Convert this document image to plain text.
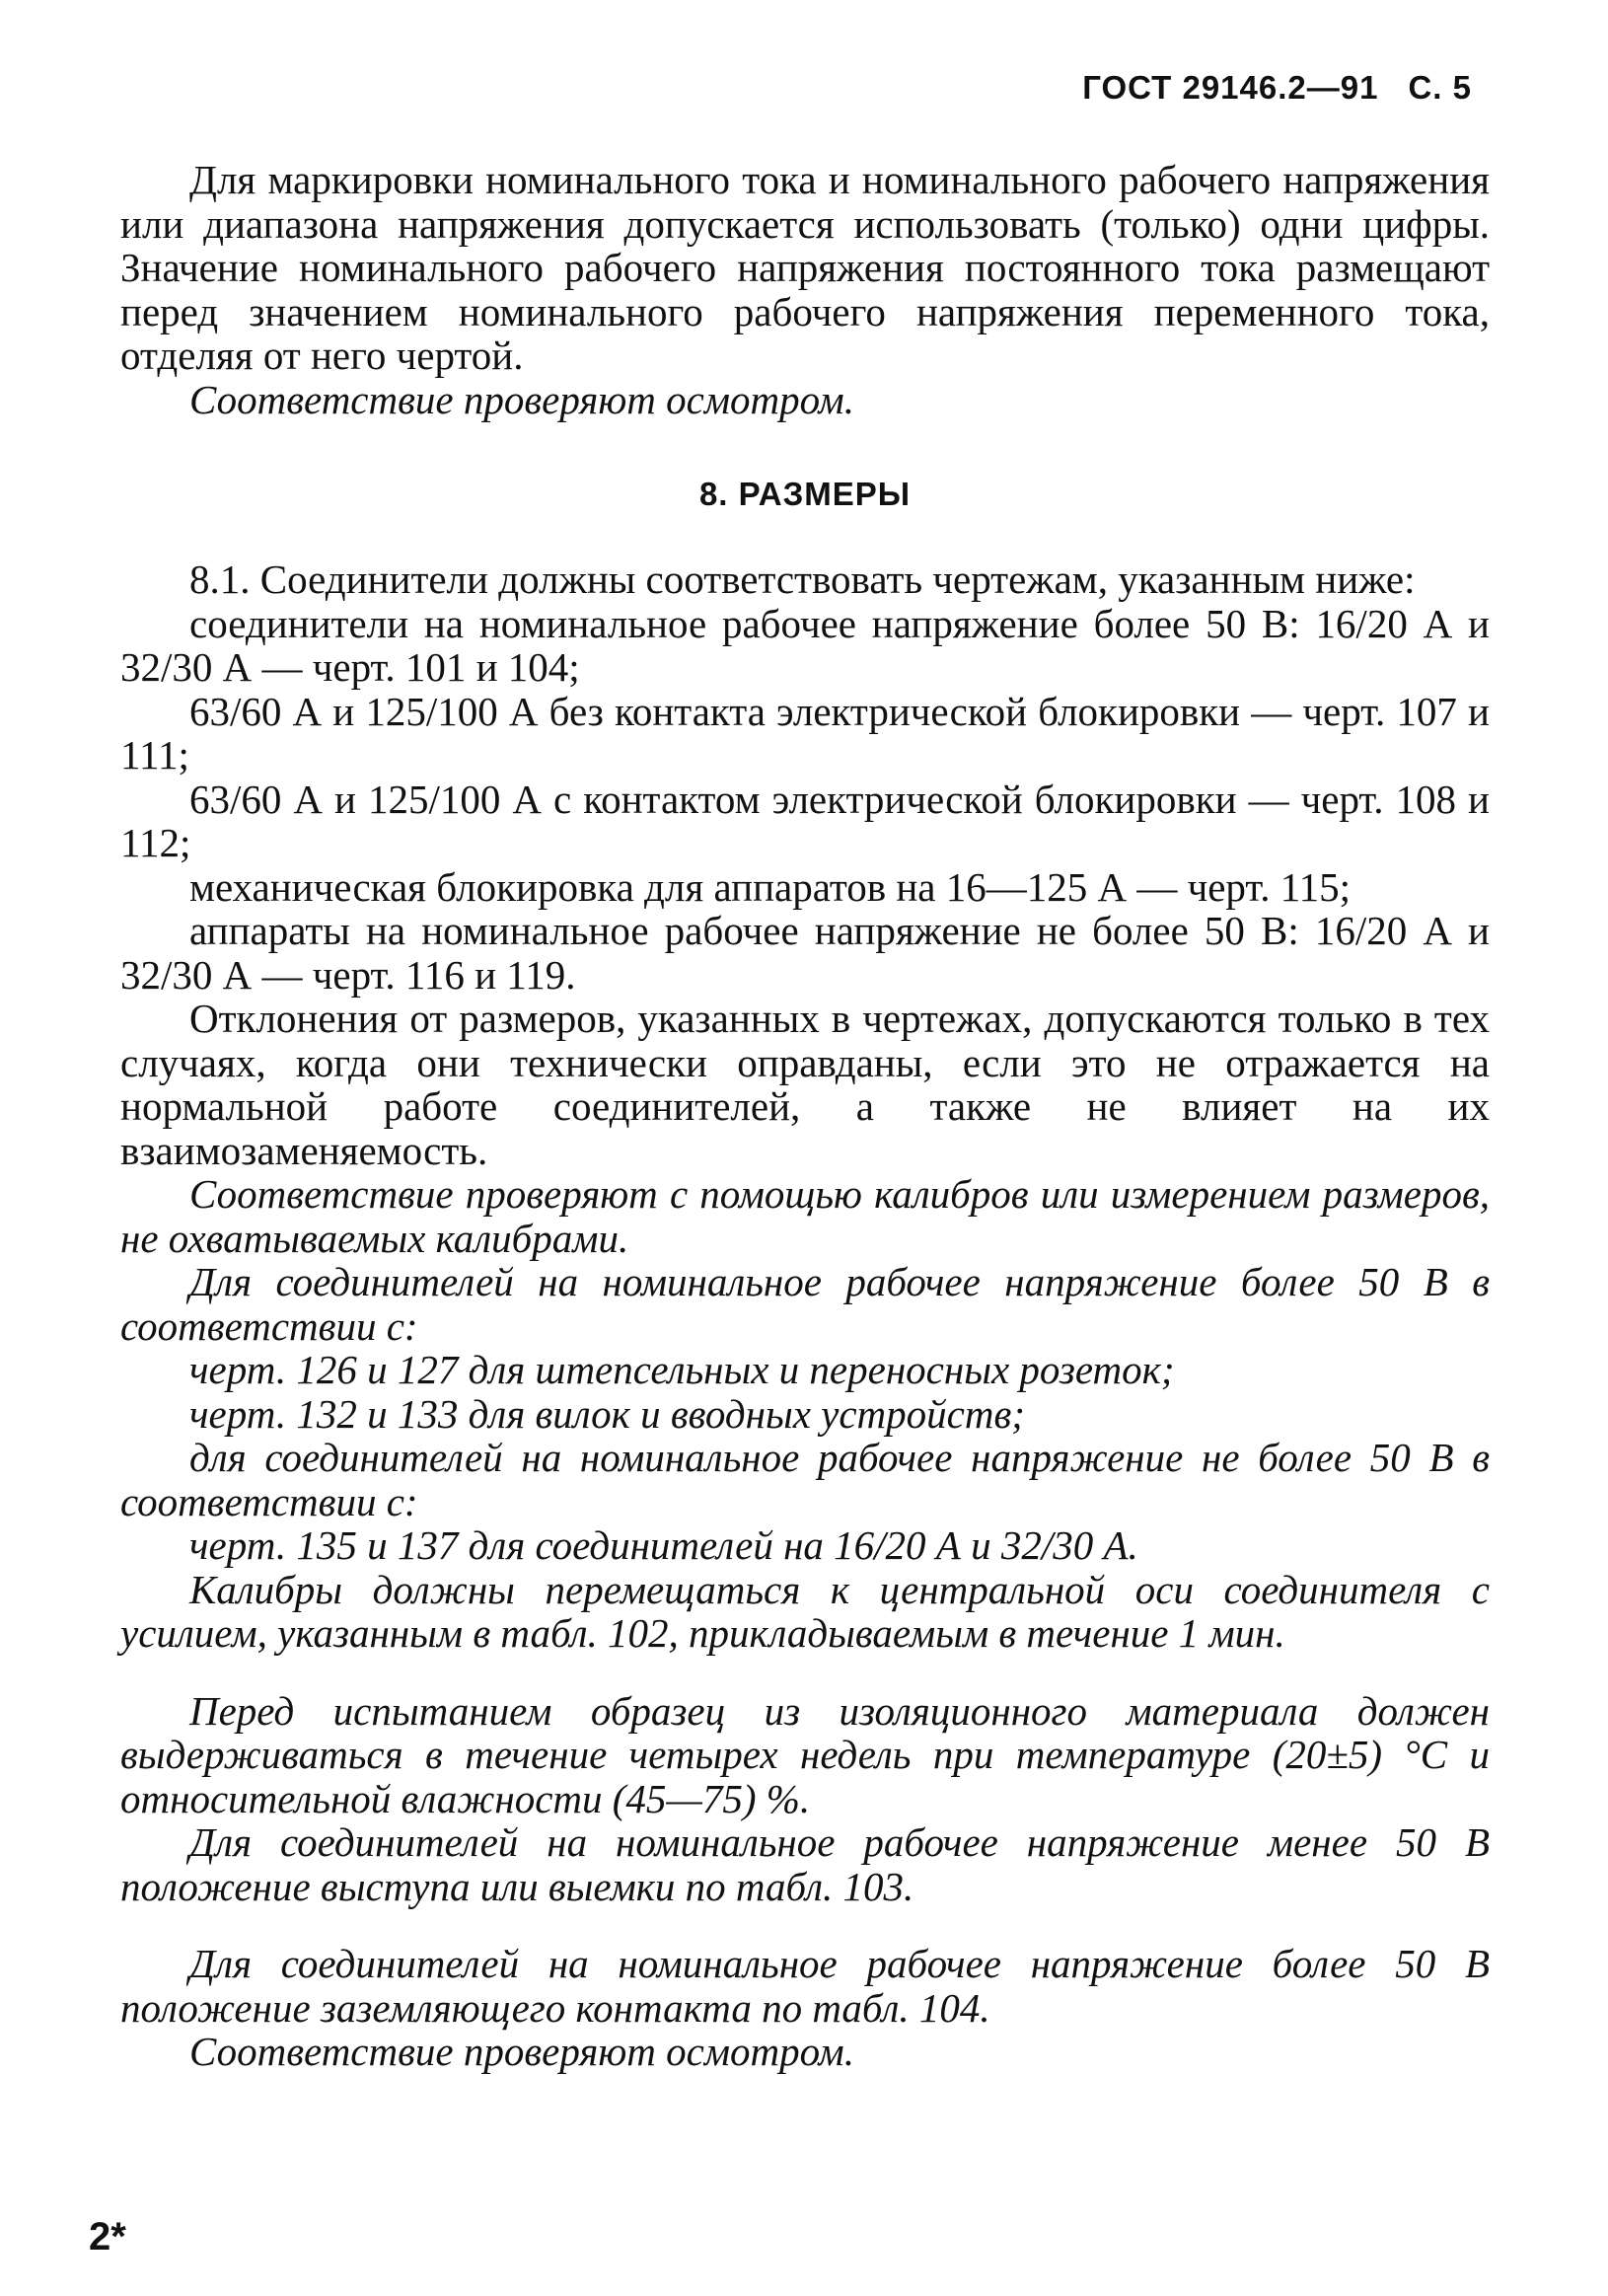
ГОСТ 29146.2—91 С. 5

Для маркировки номинального тока и номинального рабочего напряжения или диапазона напряжения допускается использовать (только) одни цифры. Значение номинального рабочего напряжения постоянного тока размещают перед значением номинального рабочего напряжения переменного тока, отделяя от него чертой.

Соответствие проверяют осмотром.

8. РАЗМЕРЫ

8.1. Соединители должны соответствовать чертежам, указанным ниже:

соединители на номинальное рабочее напряжение более 50 В: 16/20 А и 32/30 А — черт. 101 и 104;

63/60 А и 125/100 А без контакта электрической блокировки — черт. 107 и 111;

63/60 А и 125/100 А с контактом электрической блокировки — черт. 108 и 112;

механическая блокировка для аппаратов на 16—125 А — черт. 115;

аппараты на номинальное рабочее напряжение не более 50 В: 16/20 А и 32/30 А — черт. 116 и 119.

Отклонения от размеров, указанных в чертежах, допускаются только в тех случаях, когда они технически оправданы, если это не отражается на нормальной работе соединителей, а также не влияет на их взаимозаменяемость.

Соответствие проверяют с помощью калибров или измерением размеров, не охватываемых калибрами.

Для соединителей на номинальное рабочее напряжение более 50 В в соответствии с:

черт. 126 и 127 для штепсельных и переносных розеток;

черт. 132 и 133 для вилок и вводных устройств;

для соединителей на номинальное рабочее напряжение не более 50 В в соответствии с:

черт. 135 и 137 для соединителей на 16/20 А и 32/30 А.

Калибры должны перемещаться к центральной оси соединителя с усилием, указанным в табл. 102, прикладываемым в течение 1 мин.

Перед испытанием образец из изоляционного материала должен выдерживаться в течение четырех недель при температуре (20±5) °С и относительной влажности (45—75) %.

Для соединителей на номинальное рабочее напряжение менее 50 В положение выступа или выемки по табл. 103.

Для соединителей на номинальное рабочее напряжение более 50 В положение заземляющего контакта по табл. 104.

Соответствие проверяют осмотром.

2*
